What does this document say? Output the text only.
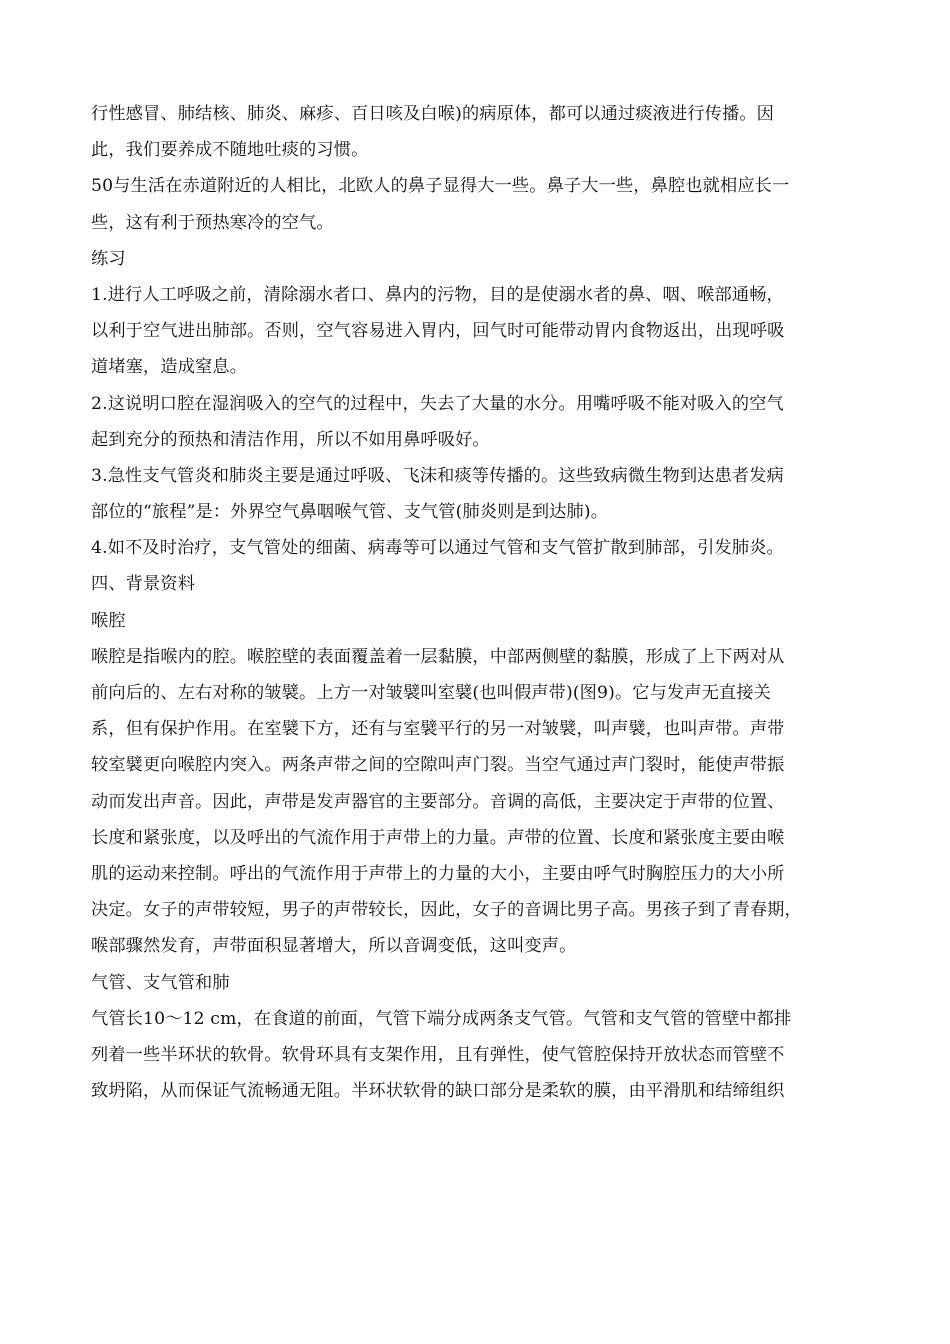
行性感冒、肺结核、肺炎、麻疹、百日咳及白喉)的病原体，都可以通过痰液进行传播。因
此，我们要养成不随地吐痰的习惯。
50与生活在赤道附近的人相比，北欧人的鼻子显得大一些。鼻子大一些，鼻腔也就相应长一
些，这有利于预热寒冷的空气。
练习
1.进行人工呼吸之前，清除溺水者口、鼻内的污物，目的是使溺水者的鼻、咽、喉部通畅，
以利于空气进出肺部。否则，空气容易进入胃内，回气时可能带动胃内食物返出，出现呼吸
道堵塞，造成窒息。
2.这说明口腔在湿润吸入的空气的过程中，失去了大量的水分。用嘴呼吸不能对吸入的空气
起到充分的预热和清洁作用，所以不如用鼻呼吸好。
3.急性支气管炎和肺炎主要是通过呼吸、飞沫和痰等传播的。这些致病微生物到达患者发病
部位的“旅程”是：外界空气鼻咽喉气管、支气管(肺炎则是到达肺)。
4.如不及时治疗，支气管处的细菌、病毒等可以通过气管和支气管扩散到肺部，引发肺炎。
四、背景资料
喉腔
喉腔是指喉内的腔。喉腔壁的表面覆盖着一层黏膜，中部两侧壁的黏膜，形成了上下两对从
前向后的、左右对称的皱襞。上方一对皱襞叫室襞(也叫假声带)(图9)。它与发声无直接关
系，但有保护作用。在室襞下方，还有与室襞平行的另一对皱襞，叫声襞，也叫声带。声带
较室襞更向喉腔内突入。两条声带之间的空隙叫声门裂。当空气通过声门裂时，能使声带振
动而发出声音。因此，声带是发声器官的主要部分。音调的高低，主要决定于声带的位置、
长度和紧张度，以及呼出的气流作用于声带上的力量。声带的位置、长度和紧张度主要由喉
肌的运动来控制。呼出的气流作用于声带上的力量的大小，主要由呼气时胸腔压力的大小所
决定。女子的声带较短，男子的声带较长，因此，女子的音调比男子高。男孩子到了青春期，
喉部骤然发育，声带面积显著增大，所以音调变低，这叫变声。
气管、支气管和肺
气管长10～12 cm，在食道的前面，气管下端分成两条支气管。气管和支气管的管壁中都排
列着一些半环状的软骨。软骨环具有支架作用，且有弹性，使气管腔保持开放状态而管壁不
致坍陷，从而保证气流畅通无阻。半环状软骨的缺口部分是柔软的膜，由平滑肌和结缔组织
